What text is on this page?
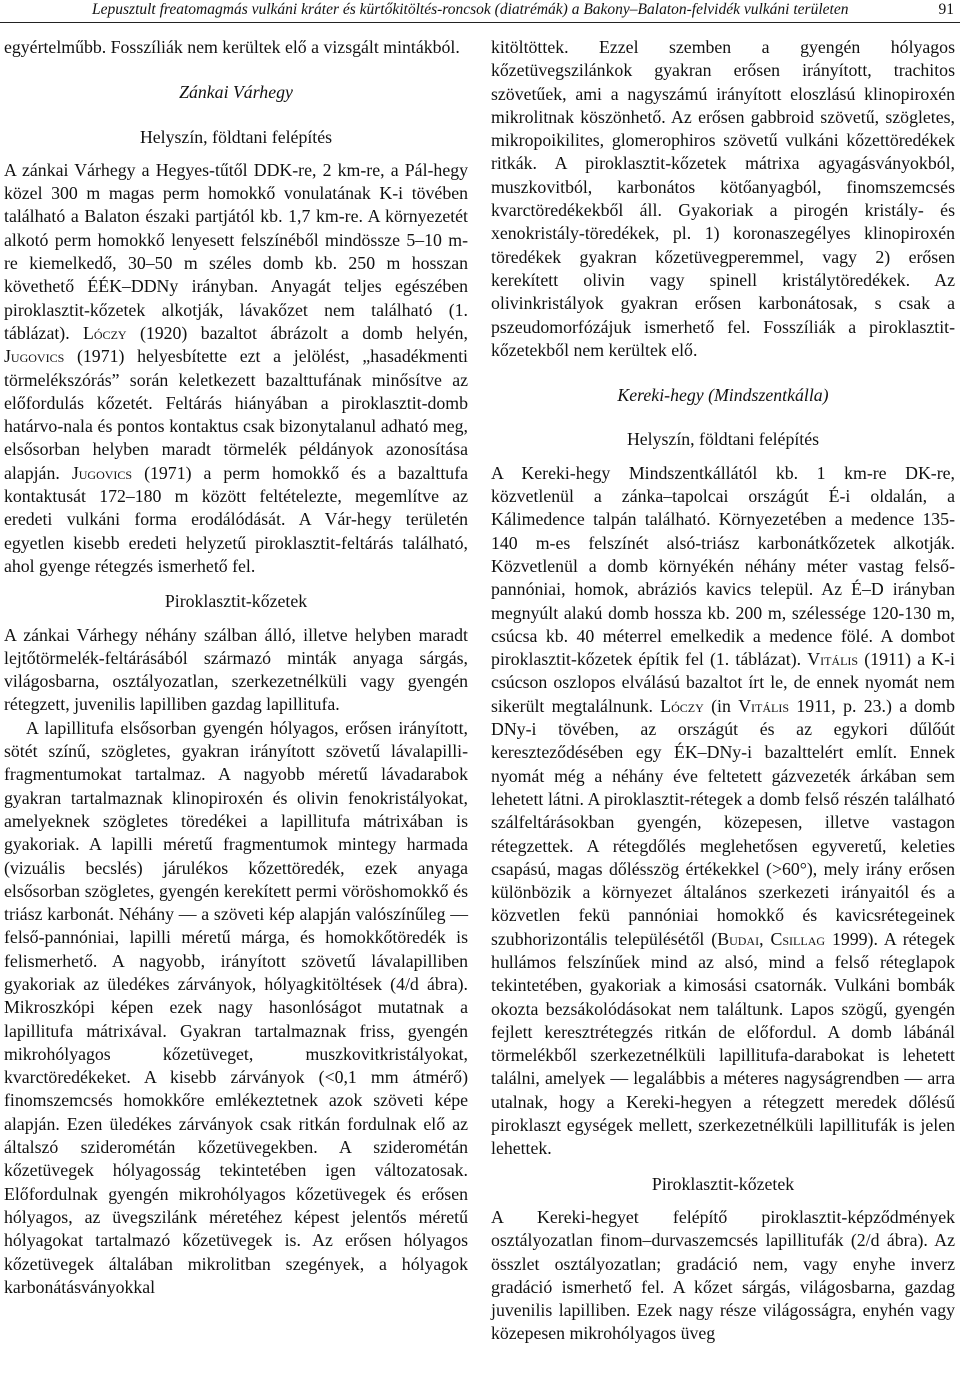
Lepusztult freatomagmás vulkáni kráter és kürtőkitöltés-roncsok (diatrémák) a Bakony–Balaton-felvidék vulkáni területen	91

egyértelműbb. Fosszíliák nem kerültek elő a vizsgált mintákból.

Zánkai Várhegy
Helyszín, földtani felépítés

A zánkai Várhegy a Hegyes-tűtől DDK-re, 2 km-re, a Pál-hegy közel 300 m magas perm homokkő vonulatának K-i tövében található a Balaton északi partjától kb. 1,7 km-re. A környezetét alkotó perm homokkő lenyesett felszínéből mindössze 5–10 m-re kiemelkedő, 30–50 m széles domb kb. 250 m hosszan követhető ÉÉK–DDNy irányban. Anyagát teljes egészében piroklasztit-kőzetek alkotják, lávakőzet nem található (1. táblázat). Lóczy (1920) bazaltot ábrázolt a domb helyén, Jugovics (1971) helyesbítette ezt a jelölést, „hasadékmenti törmelékszórás” során keletkezett bazalttufának minősítve az előfordulás kőzetét. Feltárás hiányában a piroklasztit-domb határvo-nala és pontos kontaktus csak bizonytalanul adható meg, elsősorban helyben maradt törmelék példányok azonosítása alapján. Jugovics (1971) a perm homokkő és a bazalttufa kontaktusát 172–180 m között feltételezte, megemlítve az eredeti vulkáni forma erodálódását. A Vár-hegy területén egyetlen kisebb eredeti helyzetű piroklasztit-feltárás található, ahol gyenge rétegzés ismerhető fel.

Piroklasztit-kőzetek

A zánkai Várhegy néhány szálban álló, illetve helyben maradt lejtőtörmelék-feltárásából származó minták anyaga sárgás, világosbarna, osztályozatlan, szerkezetnélküli vagy gyengén rétegzett, juvenilis lapilliben gazdag lapillitufa.

A lapillitufa elsősorban gyengén hólyagos, erősen irányított, sötét színű, szögletes, gyakran irányított szövetű lávalapilli-fragmentumokat tartalmaz. A nagyobb méretű lávadarabok gyakran tartalmaznak klinopiroxén és olivin fenokristályokat, amelyeknek szögletes töredékei a lapillitufa mátrixában is gyakoriak. A lapilli méretű fragmentumok mintegy harmada (vizuális becslés) járulékos kőzettöredék, ezek anyaga elsősorban szögletes, gyengén kerekített permi vöröshomokkő és triász karbonát. Néhány — a szöveti kép alapján valószínűleg — felső-pannóniai, lapilli méretű márga, és homokkőtöredék is felismerhető. A nagyobb, irányított szövetű lávalapilliben gyakoriak az üledékes zárványok, hólyagkitöltések (4/d ábra). Mikroszkópi képen ezek nagy hasonlóságot mutatnak a lapillitufa mátrixával. Gyakran tartalmaznak friss, gyengén mikrohólyagos kőzetüveget, muszkovitkristályokat, kvarctöredékeket. A kisebb zárványok (<0,1 mm átmérő) finomszemcsés homokkőre emlékeztetnek azok szöveti képe alapján. Ezen üledékes zárványok csak ritkán fordulnak elő az általszó sziderométán kőzetüvegekben. A sziderométán kőzetüvegek hólyagosság tekintetében igen változatosak. Előfordulnak gyengén mikrohólyagos kőzetüvegek és erősen hólyagos, az üvegszilánk méretéhez képest jelentős méretű hólyagokat tartalmazó kőzetüvegek is. Az erősen hólyagos kőzetüvegek általában mikrolitban szegények, a hólyagok karbonátásványokkal

kitöltöttek. Ezzel szemben a gyengén hólyagos kőzetüvegszilánkok gyakran erősen irányított, trachitos szövetűek, ami a nagyszámú irányított eloszlású klinopiroxén mikrolitnak köszönhető. Az erősen gabbroid szövetű, szögletes, mikropoikilites, glomerophiros szövetű vulkáni kőzettöredékek ritkák. A piroklasztit-kőzetek mátrixa agyagásványokból, muszkovitból, karbonátos kötőanyagból, finomszemcsés kvarctöredékekből áll. Gyakoriak a pirogén kristály- és xenokristály-töredékek, pl. 1) koronaszegélyes klinopiroxén töredékek gyakran kőzetüvegperemmel, vagy 2) erősen kerekített olivin vagy spinell kristálytöredékek. Az olivinkristályok gyakran erősen karbonátosak, s csak a pszeudomorfózájuk ismerhető fel. Fosszíliák a piroklasztit-kőzetekből nem kerültek elő.

Kereki-hegy (Mindszentkálla)
Helyszín, földtani felépítés

A Kereki-hegy Mindszentkállától kb. 1 km-re DK-re, közvetlenül a zánka–tapolcai országút É-i oldalán, a Kálimedence talpán található. Környezetében a medence 135-140 m-es felszínét alsó-triász karbonátkőzetek alkotják. Közvetlenül a domb környékén néhány méter vastag felső-pannóniai, homok, abráziós kavics települ. Az É–D irányban megnyúlt alakú domb hossza kb. 200 m, szélessége 120-130 m, csúcsa kb. 40 méterrel emelkedik a medence fölé. A dombot piroklasztit-kőzetek építik fel (1. táblázat). Vitális (1911) a K-i csúcson oszlopos elválású bazaltot írt le, de ennek nyomát nem sikerült megtalálnunk. Lóczy (in Vitális 1911, p. 23.) a domb DNy-i tövében, az országút és az egykori dűlőút kereszteződésében egy ÉK–DNy-i bazalttelért említ. Ennek nyomát még a néhány éve feltetett gázvezeték árkában sem lehetett látni. A piroklasztit-rétegek a domb felső részén található szálfeltárásokban gyengén, közepesen, illetve vastagon rétegzettek. A rétegdőlés meglehetősen egyveretű, keleties csapású, magas dőlésszög értékekkel (>60°), mely irány erősen különbözik a környezet általános szerkezeti irányaitól és a közvetlen fekü pannóniai homokkő és kavicsrétegeinek szubhorizontális településétől (Budai, Csillag 1999). A rétegek hullámos felszínűek mind az alsó, mind a felső réteglapok tekintetében, gyakoriak a kimosási csatornák. Vulkáni bombák okozta bezsákolódásokat nem találtunk. Lapos szögű, gyengén fejlett keresztrétegzés ritkán de előfordul. A domb lábánál törmelékből szerkezetnélküli lapillitufa-darabokat is lehetett találni, amelyek — legalábbis a méteres nagyságrendben — arra utalnak, hogy a Kereki-hegyen a rétegzett meredek dőlésű piroklaszt egységek mellett, szerkezetnélküli lapillitufák is jelen lehettek.

Piroklasztit-kőzetek

A Kereki-hegyet felépítő piroklasztit-képződmények osztályozatlan finom–durvaszemcsés lapillitufák (2/d ábra). Az összlet osztályozatlan; gradáció nem, vagy enyhe inverz gradáció ismerhető fel. A kőzet sárgás, világosbarna, gazdag juvenilis lapilliben. Ezek nagy része világosságra, enyhén vagy közepesen mikrohólyagos üveg
